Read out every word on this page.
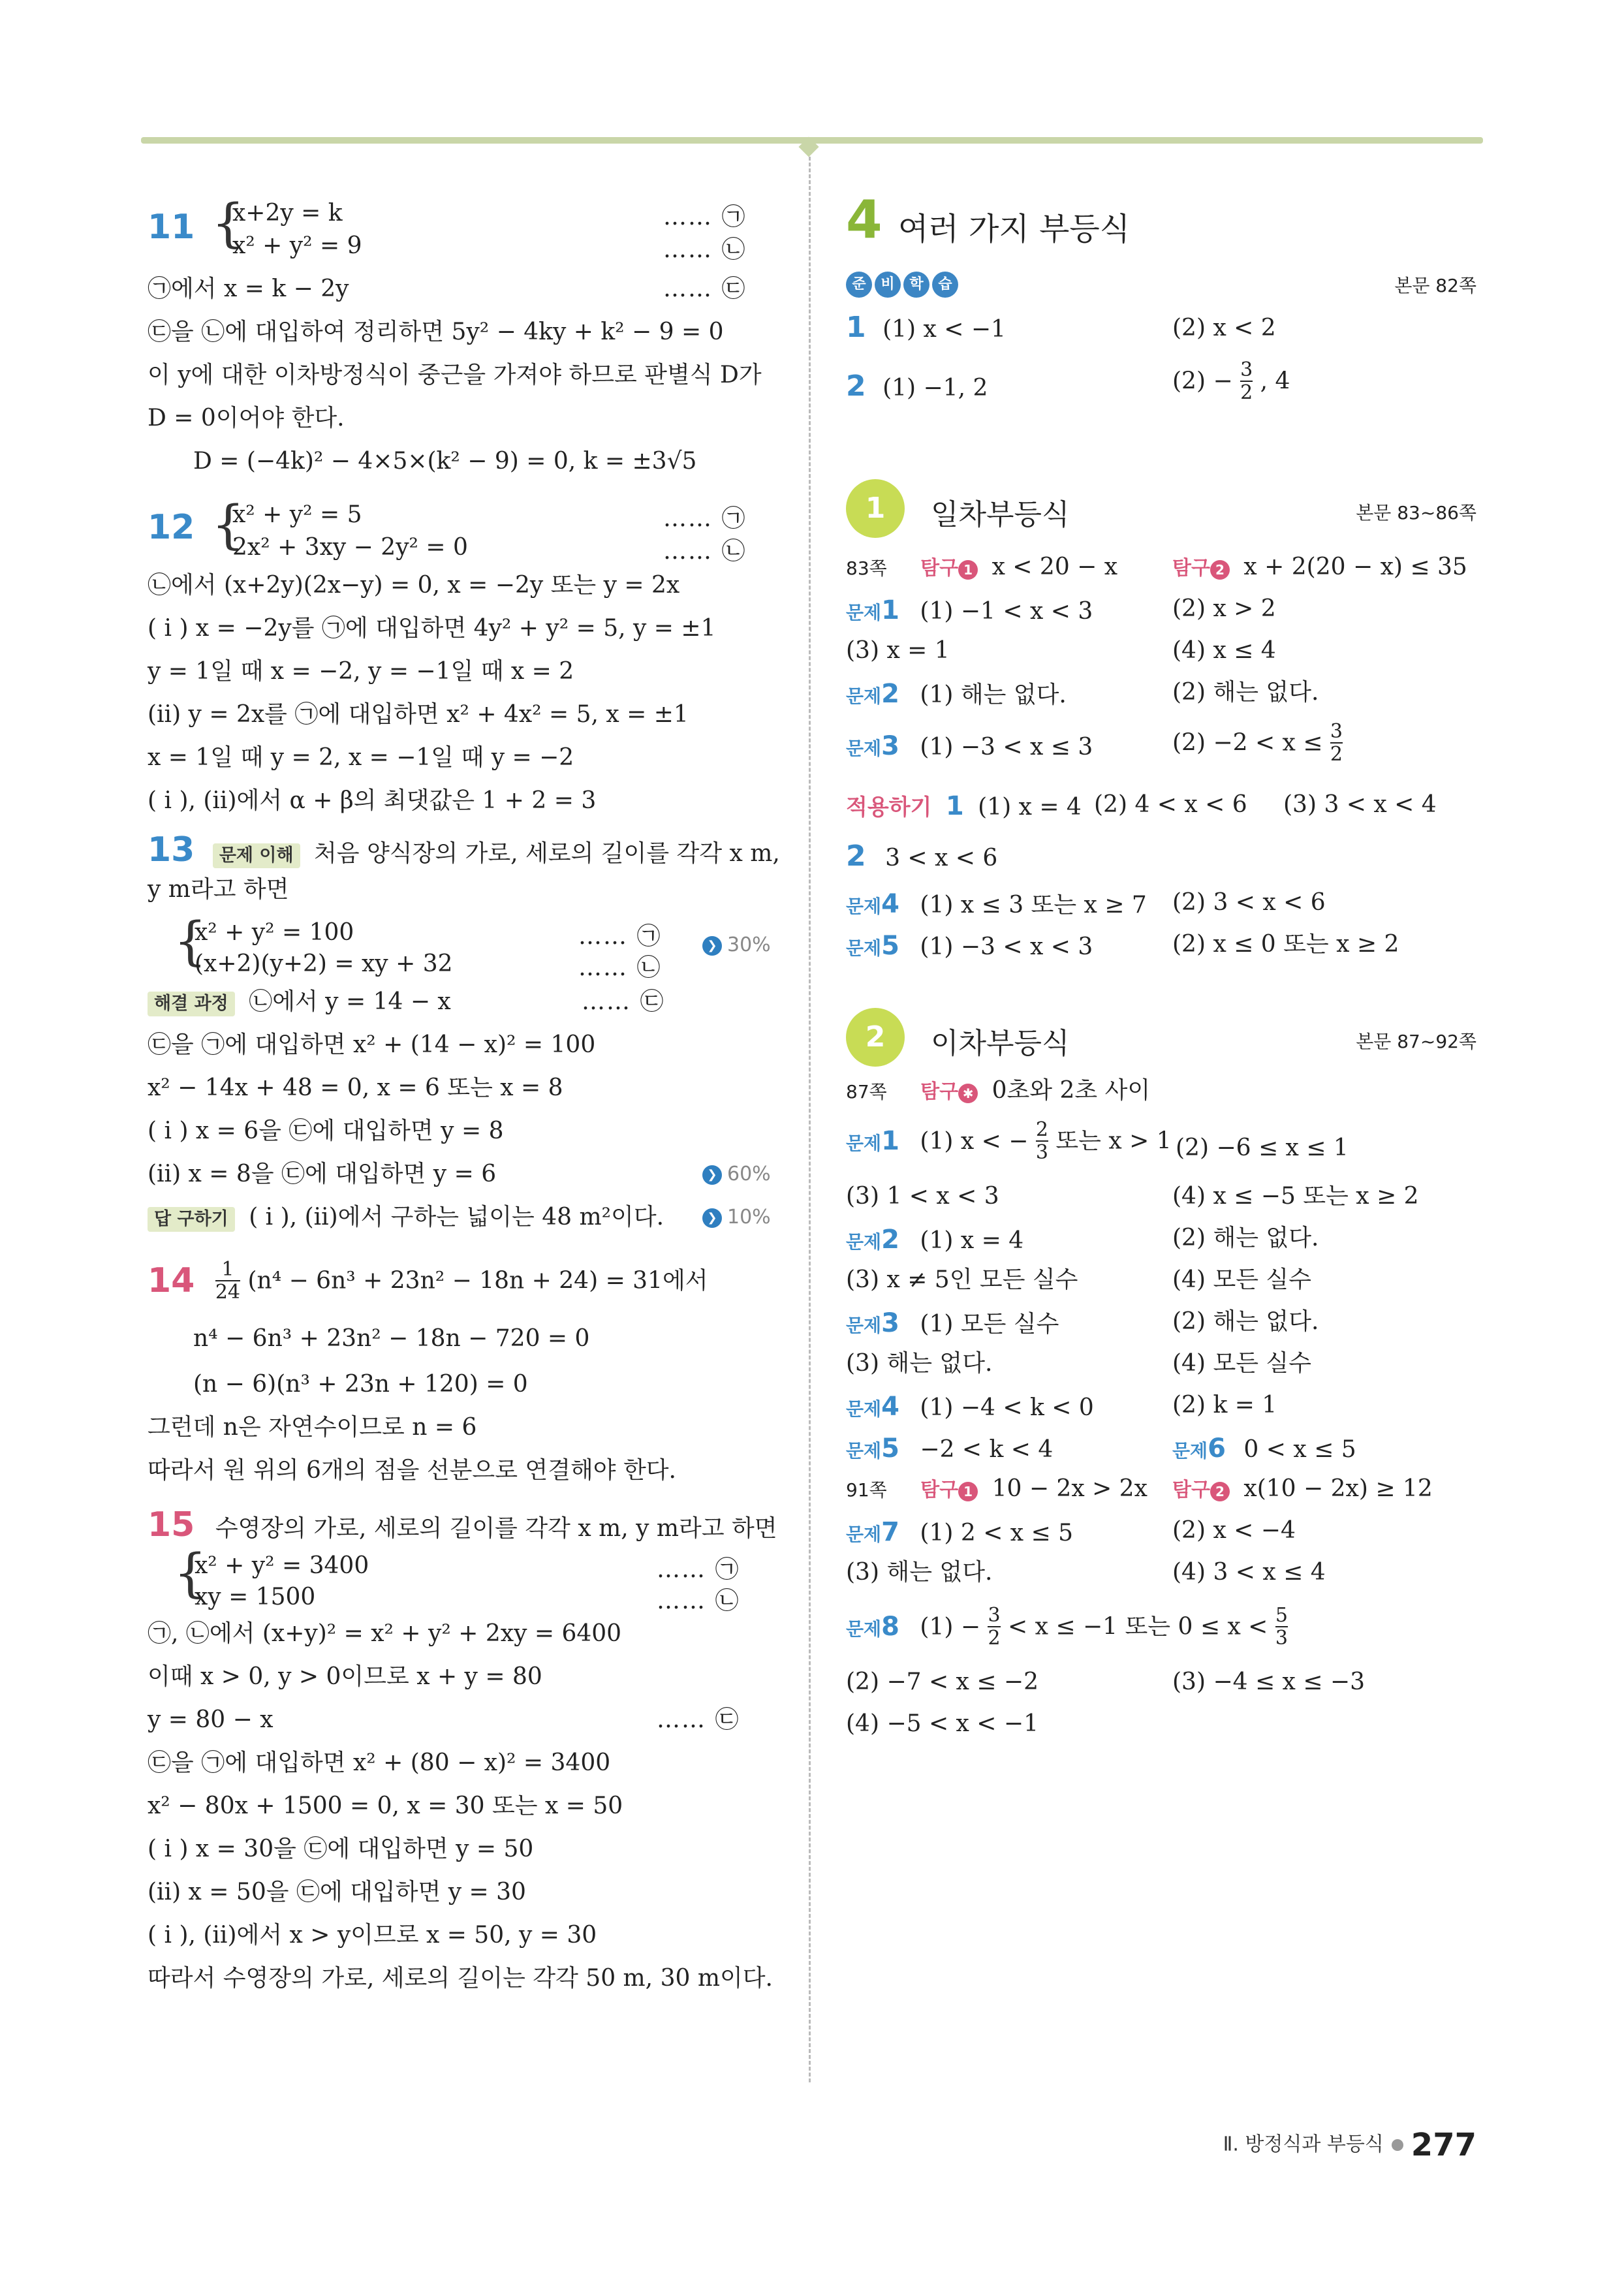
11 {
x+2y = k
x² + y² = 9
…… ㉠
…… ㉡
㉠에서 x = k − 2y	…… ㉢
㉢을 ㉡에 대입하여 정리하면 5y² − 4ky + k² − 9 = 0
이 y에 대한 이차방정식이 중근을 가져야 하므로 판별식 D가
D = 0이어야 한다.
D = (−4k)² − 4×5×(k² − 9) = 0, k = ±3√5
12 {
x² + y² = 5
2x² + 3xy − 2y² = 0
…… ㉠
…… ㉡
㉡에서 (x+2y)(2x−y) = 0, x = −2y 또는 y = 2x
( i ) x = −2y를 ㉠에 대입하면 4y² + y² = 5, y = ±1
y = 1일 때 x = −2, y = −1일 때 x = 2
(ii) y = 2x를 ㉠에 대입하면 x² + 4x² = 5, x = ±1
x = 1일 때 y = 2, x = −1일 때 y = −2
( i ), (ii)에서 α + β의 최댓값은 1 + 2 = 3
13 문제 이해 처음 양식장의 가로, 세로의 길이를 각각 x m,
y m라고 하면
{
x² + y² = 100
(x+2)(y+2) = xy + 32
…… ㉠
…… ㉡
❯ 30%
해결 과정 ㉡에서 y = 14 − x	…… ㉢
㉢을 ㉠에 대입하면 x² + (14 − x)² = 100
x² − 14x + 48 = 0, x = 6 또는 x = 8
( i ) x = 6을 ㉢에 대입하면 y = 8
(ii) x = 8을 ㉢에 대입하면 y = 6	❯ 60%
답 구하기 ( i ), (ii)에서 구하는 넓이는 48 m²이다.	❯ 10%
$14 \frac{1}{24} (n^4 - 6n^3 + 23n^2 - 18n + 24) = 31$에서
n⁴ − 6n³ + 23n² − 18n − 720 = 0
(n − 6)(n³ + 23n + 120) = 0
그런데 n은 자연수이므로 n = 6
따라서 원 위의 6개의 점을 선분으로 연결해야 한다.
15 수영장의 가로, 세로의 길이를 각각 x m, y m라고 하면
{
x² + y² = 3400
xy = 1500
…… ㉠
…… ㉡
㉠, ㉡에서 (x+y)² = x² + y² + 2xy = 6400
이때 x > 0, y > 0이므로 x + y = 80
y = 80 − x	…… ㉢
㉢을 ㉠에 대입하면 x² + (80 − x)² = 3400
x² − 80x + 1500 = 0, x = 30 또는 x = 50
( i ) x = 30을 ㉢에 대입하면 y = 50
(ii) x = 50을 ㉢에 대입하면 y = 30
( i ), (ii)에서 x > y이므로 x = 50, y = 30
따라서 수영장의 가로, 세로의 길이는 각각 50 m, 30 m이다.
4 여러 가지 부등식
준 비 학 습	본문 82쪽
1 (1) x < −1	(2) x < 2
2 (1) −1, 2	$(2) - \frac{3}{2}$ , 4
1	일차부등식	본문 83~86쪽
83쪽 탐구 1 x < 20 − x	탐구 2 x + 2(20 − x) ≤ 35
문제1 (1) −1 < x < 3	(2) x > 2
(3) x = 1	(4) x ≤ 4
문제2 (1) 해는 없다.	(2) 해는 없다.
문제3 (1) −3 < x ≤ 3	$(2) -2 < x \le \frac{3}{2}$
적용하기 1 (1) x = 4 (2) 4 < x < 6 (3) 3 < x < 4
2 3 < x < 6
문제4 (1) x ≤ 3 또는 x ≥ 7 (2) 3 < x < 6
문제5 (1) −3 < x < 3	(2) x ≤ 0 또는 x ≥ 2
2	이차부등식	본문 87~92쪽
87쪽 탐구 ✱ 0초와 2초 사이
문제1 (1) x < − $\frac{2}{3}$ 또는 x > 1 (2) −6 ≤ x ≤ 1
(3) 1 < x < 3	(4) x ≤ −5 또는 x ≥ 2
문제2 (1) x = 4	(2) 해는 없다.
(3) x ≠ 5인 모든 실수	(4) 모든 실수
문제3 (1) 모든 실수	(2) 해는 없다.
(3) 해는 없다.	(4) 모든 실수
문제4 (1) −4 < k < 0	(2) k = 1
문제5 −2 < k < 4	문제6 0 < x ≤ 5
91쪽 탐구 1 10 − 2x > 2x 탐구 2 x(10 − 2x) ≥ 12
문제7 (1) 2 < x ≤ 5	(2) x < −4
(3) 해는 없다.	(4) 3 < x ≤ 4
문제8 $(1) - \frac{3}{2} < x \le -1$ 또는 $0 \le x < \frac{5}{3}$
(2) −7 < x ≤ −2	(3) −4 ≤ x ≤ −3
(4) −5 < x < −1
Ⅱ. 방정식과 부등식 277
